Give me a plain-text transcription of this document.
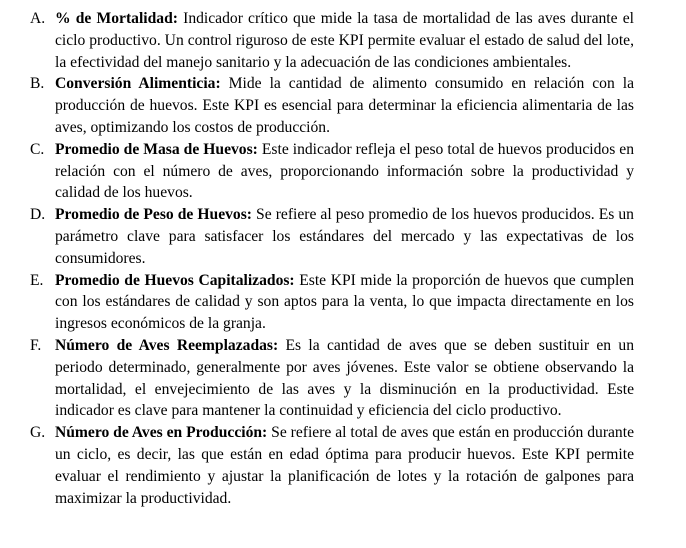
A. % de Mortalidad: Indicador crítico que mide la tasa de mortalidad de las aves durante el ciclo productivo. Un control riguroso de este KPI permite evaluar el estado de salud del lote, la efectividad del manejo sanitario y la adecuación de las condiciones ambientales.
B. Conversión Alimenticia: Mide la cantidad de alimento consumido en relación con la producción de huevos. Este KPI es esencial para determinar la eficiencia alimentaria de las aves, optimizando los costos de producción.
C. Promedio de Masa de Huevos: Este indicador refleja el peso total de huevos producidos en relación con el número de aves, proporcionando información sobre la productividad y calidad de los huevos.
D. Promedio de Peso de Huevos: Se refiere al peso promedio de los huevos producidos. Es un parámetro clave para satisfacer los estándares del mercado y las expectativas de los consumidores.
E. Promedio de Huevos Capitalizados: Este KPI mide la proporción de huevos que cumplen con los estándares de calidad y son aptos para la venta, lo que impacta directamente en los ingresos económicos de la granja.
F. Número de Aves Reemplazadas: Es la cantidad de aves que se deben sustituir en un periodo determinado, generalmente por aves jóvenes. Este valor se obtiene observando la mortalidad, el envejecimiento de las aves y la disminución en la productividad. Este indicador es clave para mantener la continuidad y eficiencia del ciclo productivo.
G. Número de Aves en Producción: Se refiere al total de aves que están en producción durante un ciclo, es decir, las que están en edad óptima para producir huevos. Este KPI permite evaluar el rendimiento y ajustar la planificación de lotes y la rotación de galpones para maximizar la productividad.
